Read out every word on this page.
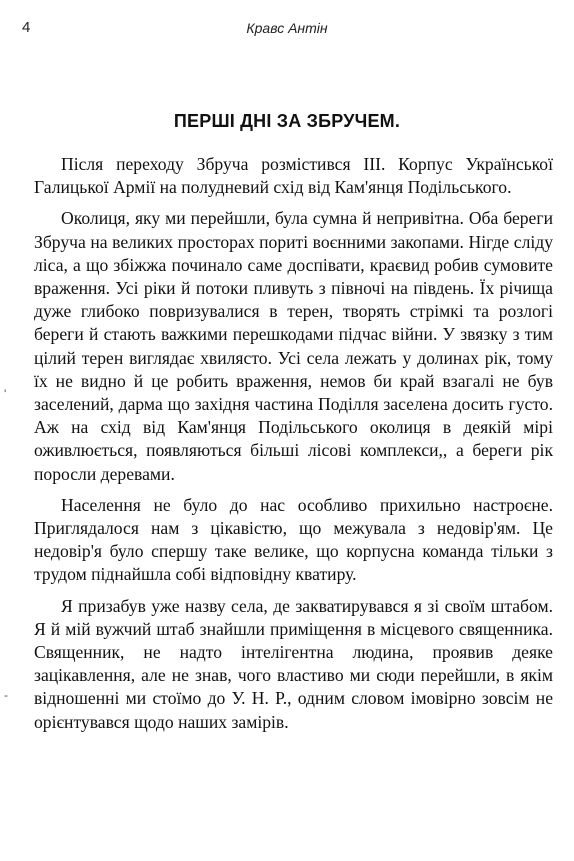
4	Кравс Антін
ПЕРШІ ДНІ ЗА ЗБРУЧЕМ.

Після переходу Збруча розмістився III. Корпус Української Галицької Армії на полудневий схід від Кам'янця Подільського.

Околиця, яку ми перейшли, була сумна й непривітна. Оба береги Збруча на великих просторах пориті воєнними закопами. Нігде сліду ліса, а що збіжжа починало саме доспівати, краєвид робив сумовите враження. Усі ріки й потоки пливуть з півночі на південь. Їх річища дуже глибоко повризувалися в терен, творять стрімкі та розлогі береги й стають важкими перешкодами підчас війни. У звязку з тим цілий терен виглядає хвилясто. Усі села лежать у долинах рік, тому їх не видно й це робить враження, немов би край взагалі не був заселений, дарма що західня частина Поділля заселена досить густо. Аж на схід від Кам'янця Подільського околиця в деякій мірі оживлюється, появляються більші лісові комплекси,, а береги рік поросли деревами.

Населення не було до нас особливо прихильно настроєне. Приглядалося нам з цікавістю, що межувала з недовір'ям. Це недовір'я було спершу таке велике, що корпусна команда тільки з трудом піднайшла собі відповідну кватиру.

Я призабув уже назву села, де закватирувався я зі своїм штабом. Я й мій вужчий штаб знайшли приміщення в місцевого священника. Священник, не надто інтелігентна людина, проявив деяке зацікавлення, але не знав, чого властиво ми сюди перейшли, в якім відношенні ми стоїмо до У. Н. Р., одним словом імовірно зовсім не орієнтувався щодо наших замірів.

'
-
